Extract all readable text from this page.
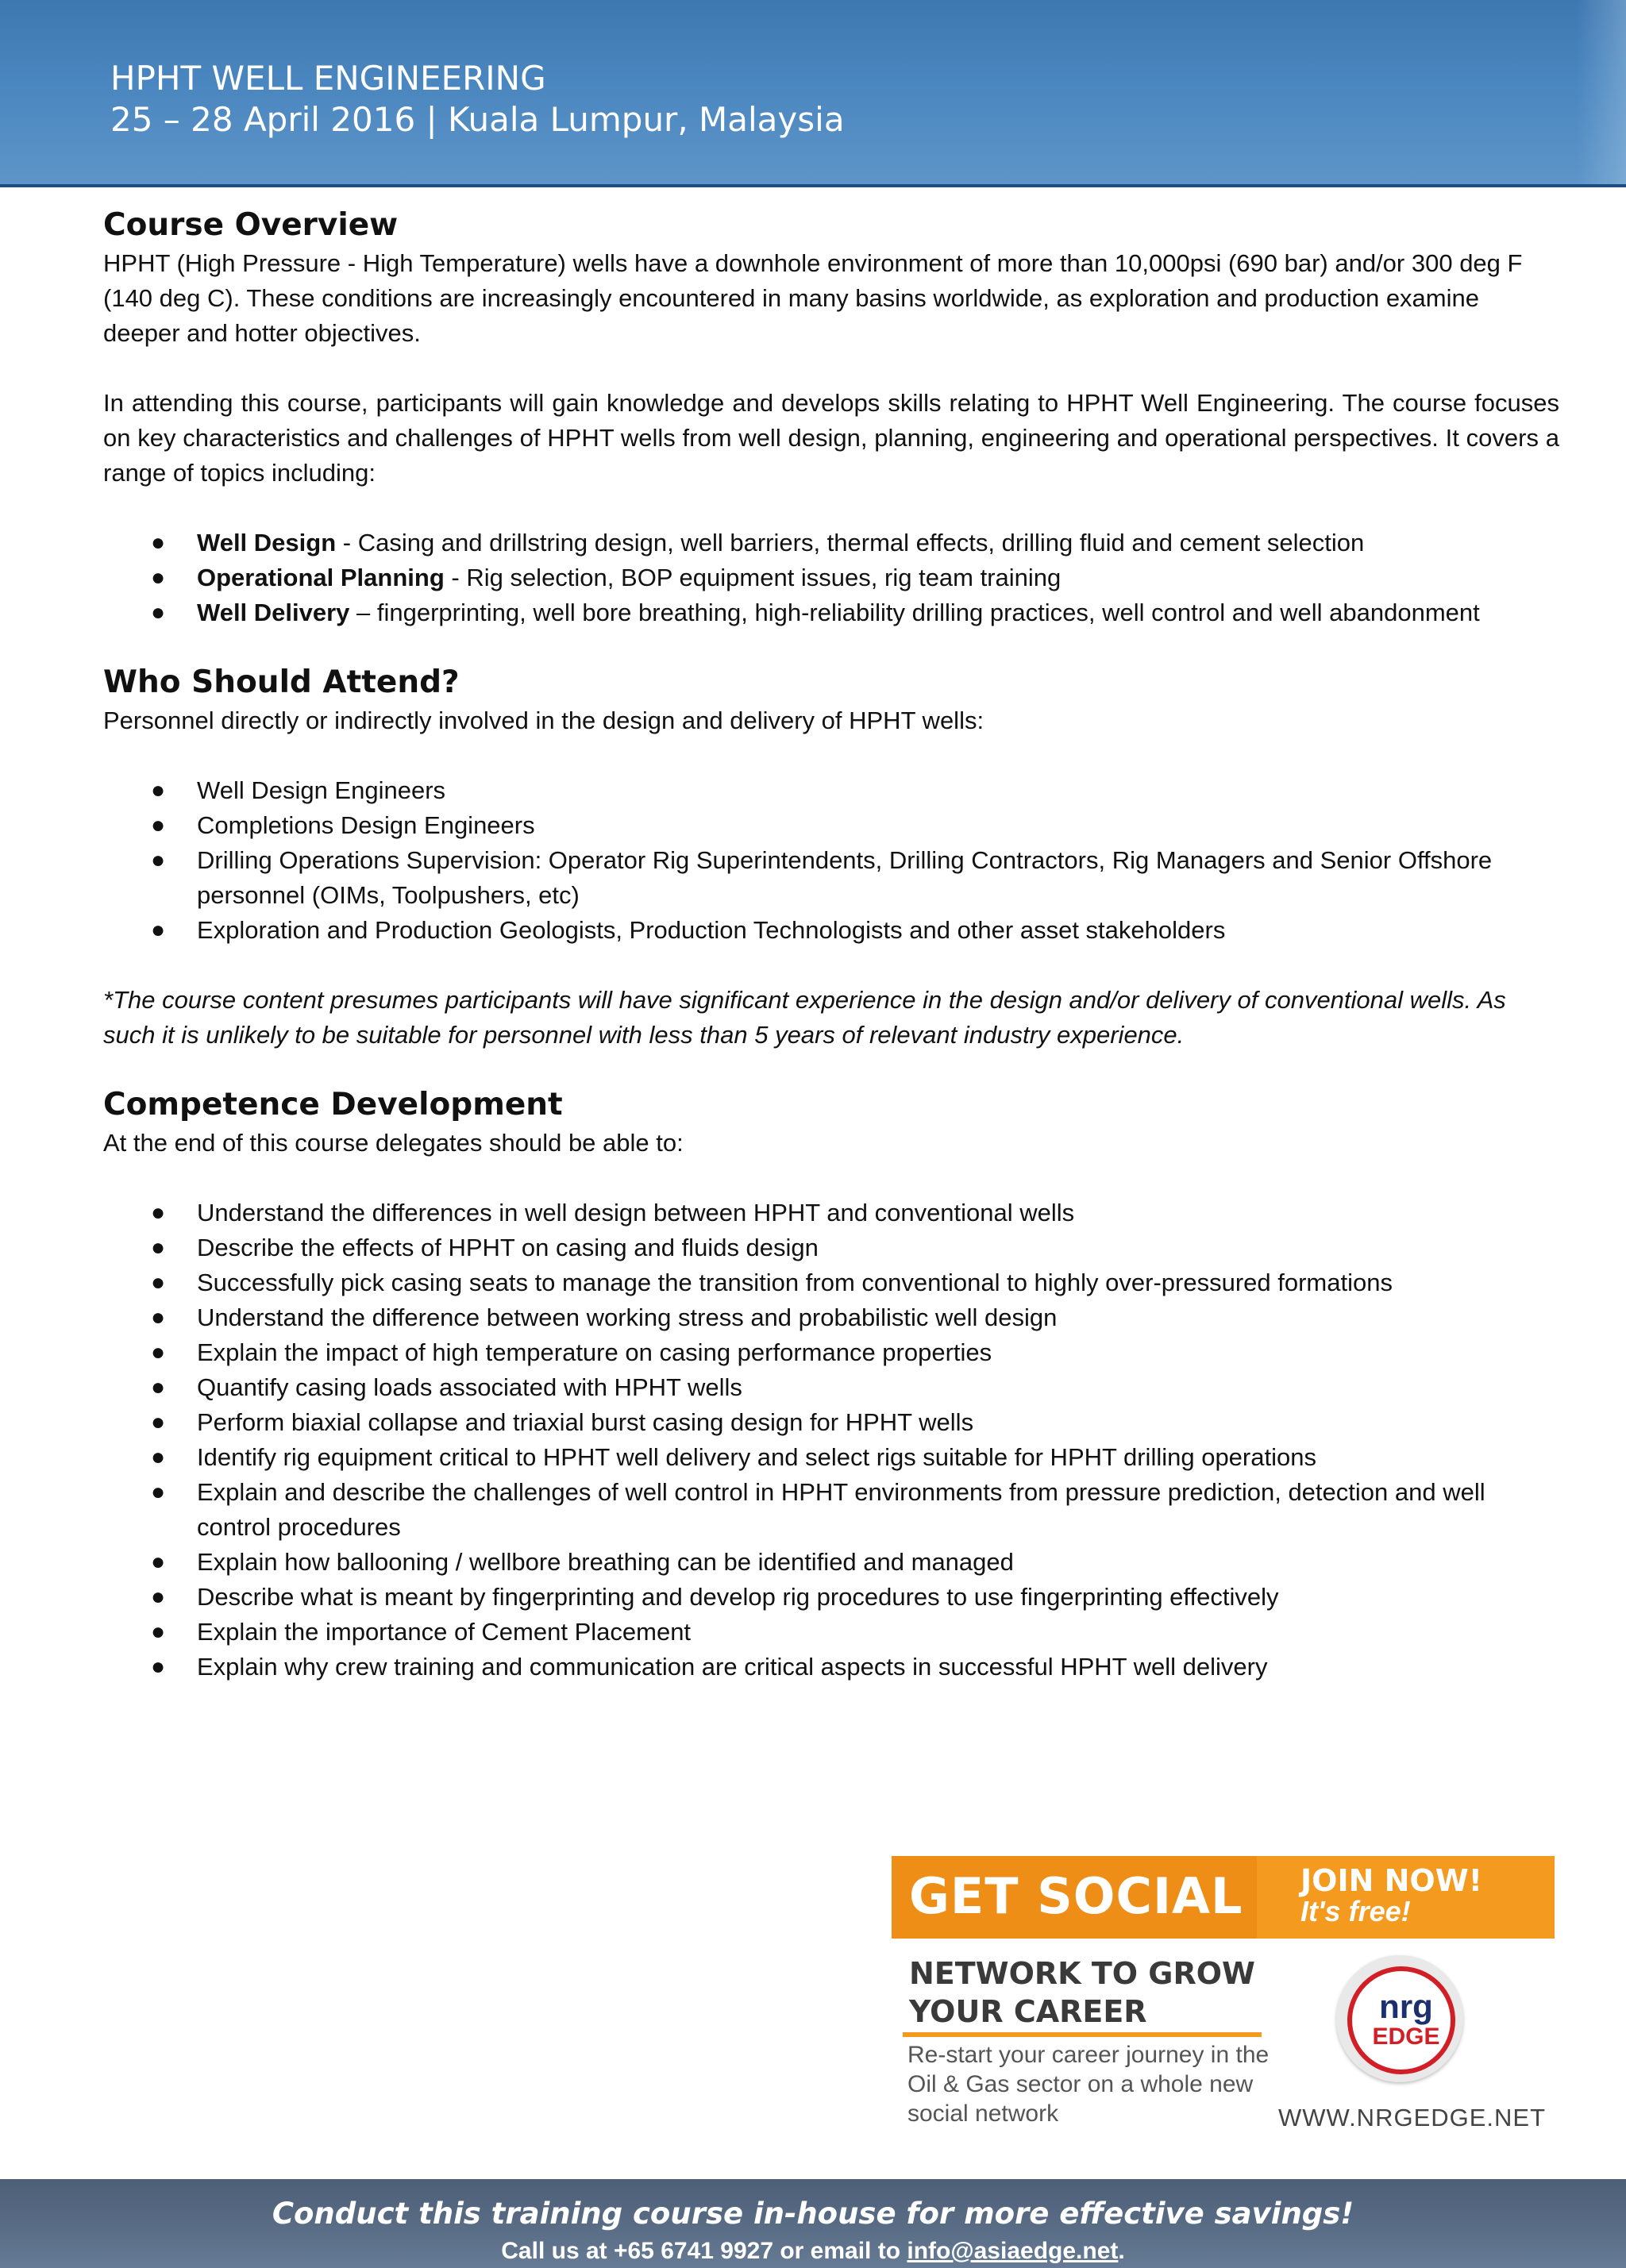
HPHT WELL ENGINEERING
25 – 28 April 2016 | Kuala Lumpur, Malaysia
Course Overview

HPHT (High Pressure - High Temperature) wells have a downhole environment of more than 10,000psi (690 bar) and/or 300 deg F (140 deg C). These conditions are increasingly encountered in many basins worldwide, as exploration and production examine deeper and hotter objectives.

In attending this course, participants will gain knowledge and develops skills relating to HPHT Well Engineering. The course focuses on key characteristics and challenges of HPHT wells from well design, planning, engineering and operational perspectives. It covers a range of topics including:

● Well Design - Casing and drillstring design, well barriers, thermal effects, drilling fluid and cement selection
● Operational Planning - Rig selection, BOP equipment issues, rig team training
● Well Delivery – fingerprinting, well bore breathing, high-reliability drilling practices, well control and well abandonment
Who Should Attend?

Personnel directly or indirectly involved in the design and delivery of HPHT wells:

● Well Design Engineers
● Completions Design Engineers
● Drilling Operations Supervision: Operator Rig Superintendents, Drilling Contractors, Rig Managers and Senior Offshore personnel (OIMs, Toolpushers, etc)
● Exploration and Production Geologists, Production Technologists and other asset stakeholders

*The course content presumes participants will have significant experience in the design and/or delivery of conventional wells. As such it is unlikely to be suitable for personnel with less than 5 years of relevant industry experience.

Competence Development

At the end of this course delegates should be able to:

● Understand the differences in well design between HPHT and conventional wells
● Describe the effects of HPHT on casing and fluids design
● Successfully pick casing seats to manage the transition from conventional to highly over-pressured formations
● Understand the difference between working stress and probabilistic well design
● Explain the impact of high temperature on casing performance properties
● Quantify casing loads associated with HPHT wells
● Perform biaxial collapse and triaxial burst casing design for HPHT wells
● Identify rig equipment critical to HPHT well delivery and select rigs suitable for HPHT drilling operations
● Explain and describe the challenges of well control in HPHT environments from pressure prediction, detection and well control procedures
● Explain how ballooning / wellbore breathing can be identified and managed
● Describe what is meant by fingerprinting and develop rig procedures to use fingerprinting effectively
● Explain the importance of Cement Placement
● Explain why crew training and communication are critical aspects in successful HPHT well delivery
GET SOCIAL JOIN NOW!
It's free!
NETWORK TO GROW
YOUR CAREER
Re-start your career journey in the Oil & Gas sector on a whole new social network
nrg
EDGE
WWW.NRGEDGE.NET
Conduct this training course in-house for more effective savings!
Call us at +65 6741 9927 or email to info@asiaedge.net.
